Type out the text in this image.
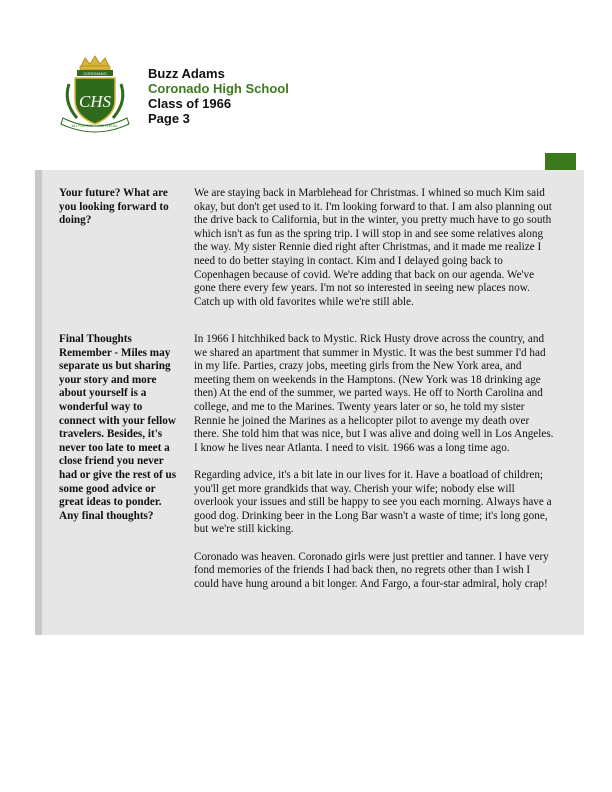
CORONADO
CHS
ALL FOR ONE ✦ ONE FOR ALL
Buzz Adams
Coronado High School
Class of 1966
Page 3
Your future? What are you looking forward to doing?

We are staying back in Marblehead for Christmas. I whined so much Kim said okay, but don't get used to it. I'm looking forward to that. I am also planning out the drive back to California, but in the winter, you pretty much have to go south which isn't as fun as the spring trip. I will stop in and see some relatives along the way. My sister Rennie died right after Christmas, and it made me realize I need to do better staying in contact. Kim and I delayed going back to Copenhagen because of covid. We're adding that back on our agenda. We've gone there every few years. I'm not so interested in seeing new places now. Catch up with old favorites while we're still able.

Final Thoughts Remember - Miles may separate us but sharing your story and more about yourself is a wonderful way to connect with your fellow travelers. Besides, it's never too late to meet a close friend you never had or give the rest of us some good advice or great ideas to ponder. Any final thoughts?

In 1966 I hitchhiked back to Mystic. Rick Husty drove across the country, and we shared an apartment that summer in Mystic. It was the best summer I'd had in my life. Parties, crazy jobs, meeting girls from the New York area, and meeting them on weekends in the Hamptons. (New York was 18 drinking age then) At the end of the summer, we parted ways. He off to North Carolina and college, and me to the Marines. Twenty years later or so, he told my sister Rennie he joined the Marines as a helicopter pilot to avenge my death over there. She told him that was nice, but I was alive and doing well in Los Angeles. I know he lives near Atlanta. I need to visit. 1966 was a long time ago.

Regarding advice, it's a bit late in our lives for it. Have a boatload of children; you'll get more grandkids that way. Cherish your wife; nobody else will overlook your issues and still be happy to see you each morning. Always have a good dog. Drinking beer in the Long Bar wasn't a waste of time; it's long gone, but we're still kicking.

Coronado was heaven. Coronado girls were just prettier and tanner. I have very fond memories of the friends I had back then, no regrets other than I wish I could have hung around a bit longer. And Fargo, a four-star admiral, holy crap!
